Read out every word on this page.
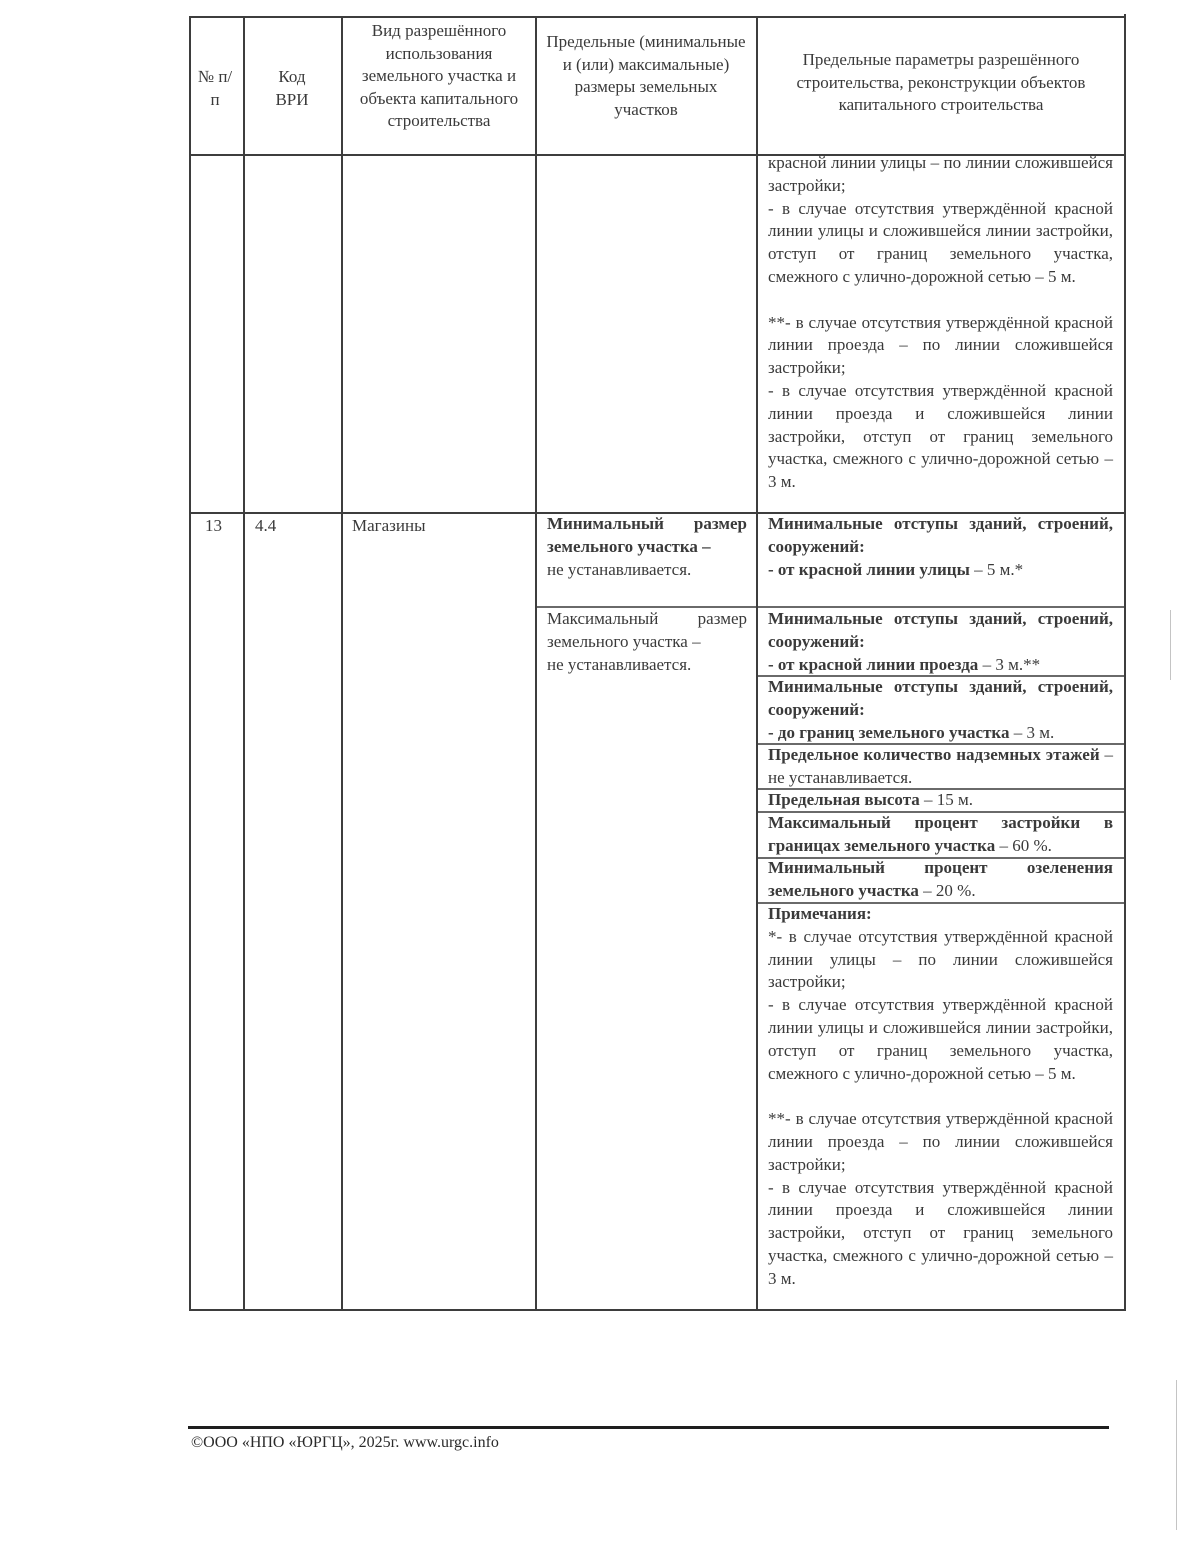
№ п/п
Код ВРИ
Вид разрешённого использования земельного участка и объекта капитального строительства
Предельные (минимальные и (или) максимальные) размеры земельных участков
Предельные параметры разрешённого строительства, реконструкции объектов капитального строительства
красной линии улицы – по линии сложившейся застройки;
- в случае отсутствия утверждённой красной линии улицы и сложившейся линии застройки, отступ от границ земельного участка, смежного с улично-дорожной сетью – 5 м.
**- в случае отсутствия утверждённой красной линии проезда – по линии сложившейся застройки;
- в случае отсутствия утверждённой красной линии проезда и сложившейся линии застройки, отступ от границ земельного участка, смежного с улично-дорожной сетью – 3 м.
13 4.4	Магазины	Минимальный размер земельного участка –
не устанавливается.
Максимальный размер земельного участка –
не устанавливается.
Минимальные отступы зданий, строений, сооружений:
- от красной линии улицы – 5 м.*
Минимальные отступы зданий, строений, сооружений:
- от красной линии проезда – 3 м.**
Минимальные отступы зданий, строений, сооружений:
- до границ земельного участка – 3 м.
Предельное количество надземных этажей – не устанавливается.
Предельная высота – 15 м.
Максимальный процент застройки в границах земельного участка – 60 %.
Минимальный процент озеленения земельного участка – 20 %.
Примечания:
*- в случае отсутствия утверждённой красной линии улицы – по линии сложившейся застройки;
- в случае отсутствия утверждённой красной линии улицы и сложившейся линии застройки, отступ от границ земельного участка, смежного с улично-дорожной сетью – 5 м.
**- в случае отсутствия утверждённой красной линии проезда – по линии сложившейся застройки;
- в случае отсутствия утверждённой красной линии проезда и сложившейся линии застройки, отступ от границ земельного участка, смежного с улично-дорожной сетью – 3 м.
©ООО «НПО «ЮРГЦ», 2025г. www.urgc.info
